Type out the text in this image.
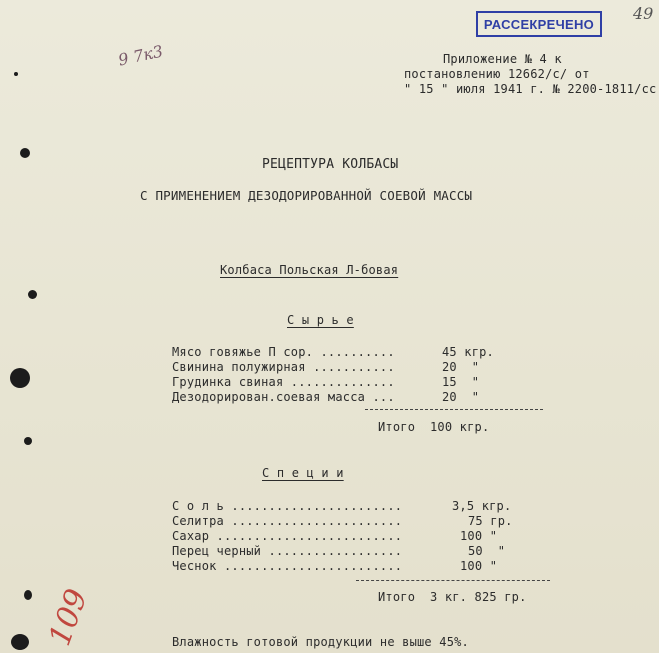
РАССЕКРЕЧЕНО
49
9 7к3	Приложение № 4 к
постановлению 12662/с/ от
" 15 " июля 1941 г. № 2200-1811/сс
РЕЦЕПТУРА КОЛБАСЫ
С ПРИМЕНЕНИЕМ ДЕЗОДОРИРОВАННОЙ СОЕВОЙ МАССЫ
Колбаса Польская Л-бовая
С ы р ь е
Мясо говяжье П сор. ..........	45 кгр.
Свинина полужирная ...........	20  "
Грудинка свиная ..............	15  "
Дезодорирован.соевая масса ...	20  "
Итого  100 кгр.
С п е ц и и
С о л ь .......................	3,5 кгр.
Селитра .......................	75 гр.
Сахар .........................	100 "
Перец черный ..................	50  "
Чеснок ........................	100 "
Итого  3 кг. 825 гр.
Влажность готовой продукции не выше 45%.
109
